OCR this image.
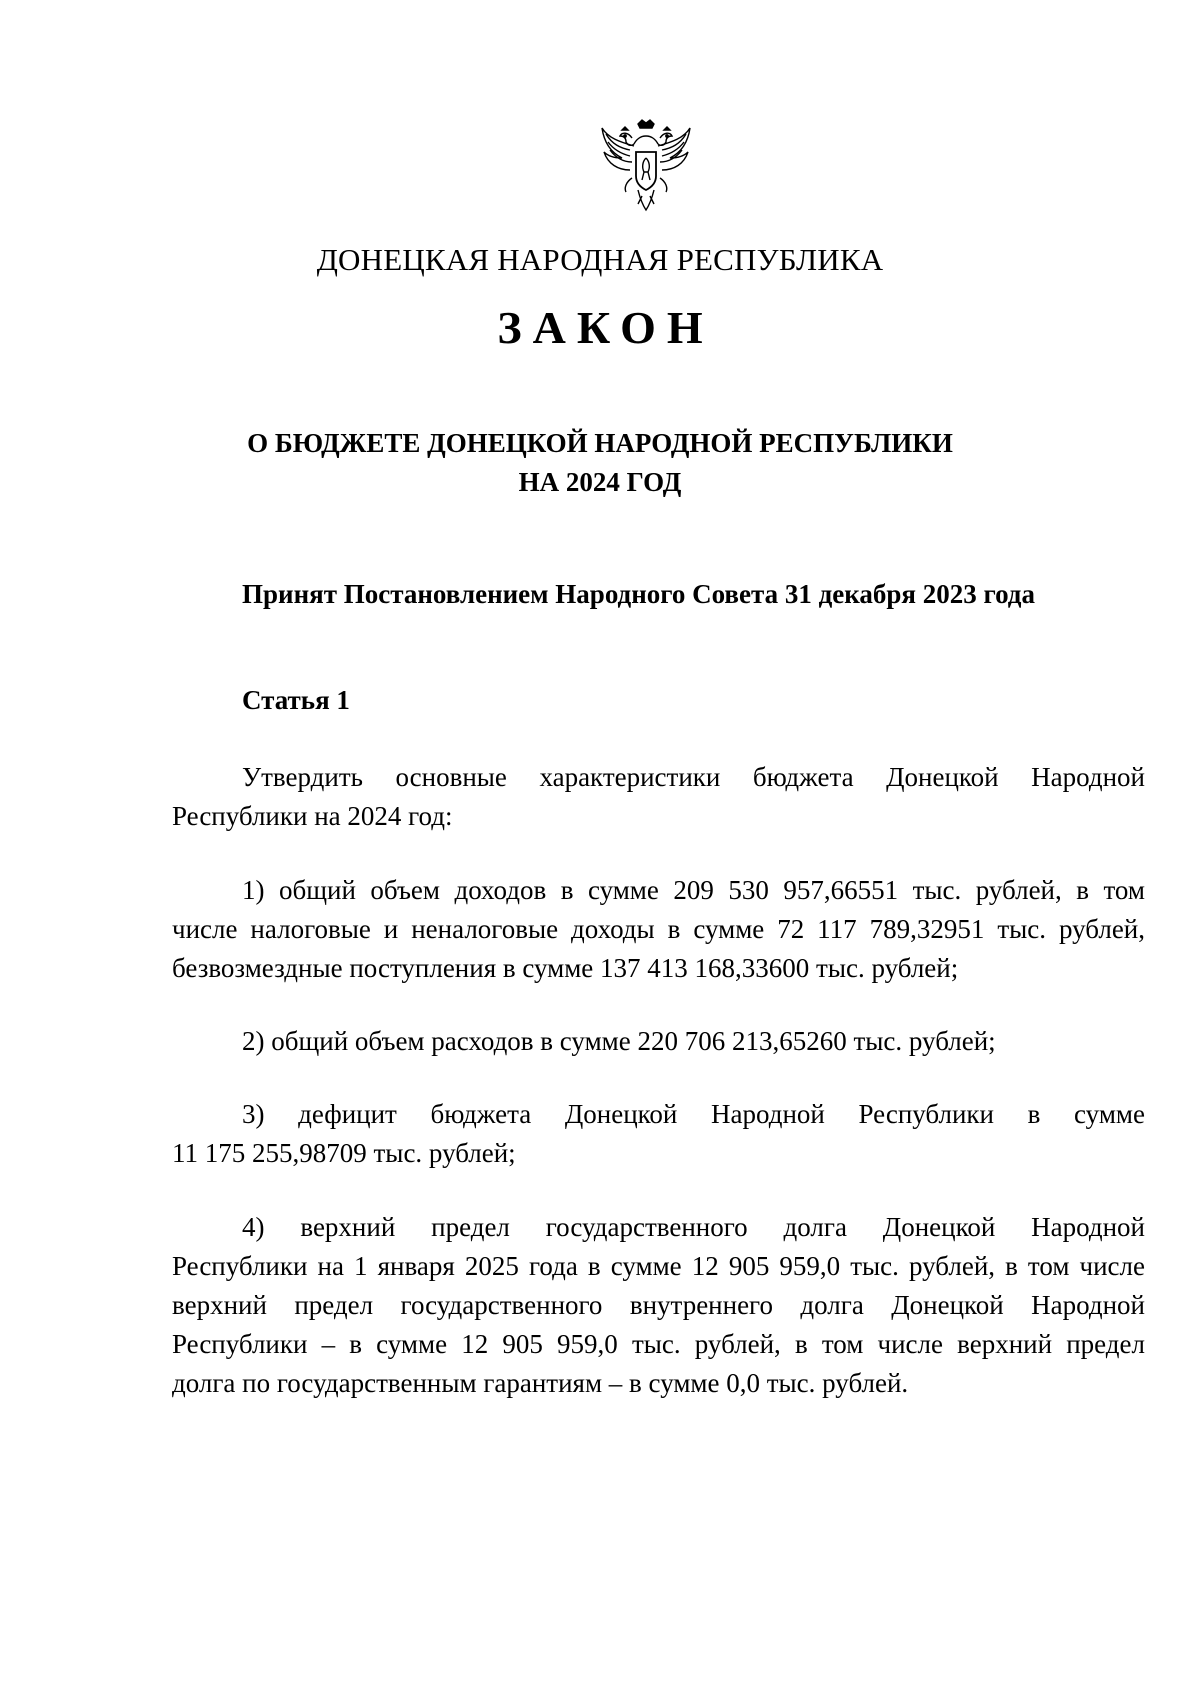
ДОНЕЦКАЯ НАРОДНАЯ РЕСПУБЛИКА
ЗАКОН
О БЮДЖЕТЕ ДОНЕЦКОЙ НАРОДНОЙ РЕСПУБЛИКИ
НА 2024 ГОД
Принят Постановлением Народного Совета 31 декабря 2023 года
Статья 1
Утвердить основные характеристики бюджета Донецкой Народной
Республики на 2024 год:
1) общий объем доходов в сумме 209 530 957,66551 тыс. рублей, в том
числе налоговые и неналоговые доходы в сумме 72 117 789,32951 тыс. рублей,
безвозмездные поступления в сумме 137 413 168,33600 тыс. рублей;
2) общий объем расходов в сумме 220 706 213,65260 тыс. рублей;
3) дефицит бюджета Донецкой Народной Республики в сумме
11 175 255,98709 тыс. рублей;
4) верхний предел государственного долга Донецкой Народной
Республики на 1 января 2025 года в сумме 12 905 959,0 тыс. рублей, в том числе
верхний предел государственного внутреннего долга Донецкой Народной
Республики – в сумме 12 905 959,0 тыс. рублей, в том числе верхний предел
долга по государственным гарантиям – в сумме 0,0 тыс. рублей.
